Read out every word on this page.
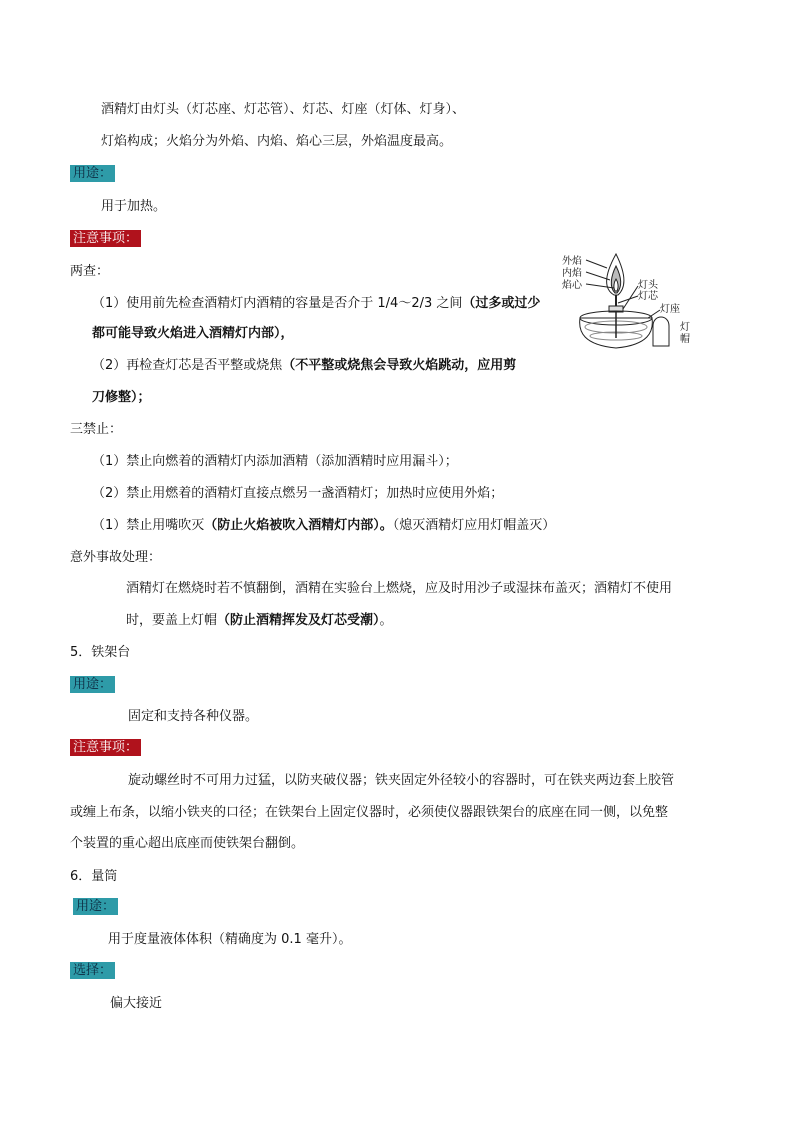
酒精灯由灯头（灯芯座、灯芯管）、灯芯、灯座（灯体、灯身）、
灯焰构成；火焰分为外焰、内焰、焰心三层，外焰温度最高。
用途：
用于加热。
注意事项：
两查：
（1）使用前先检查酒精灯内酒精的容量是否介于 1/4～2/3 之间（过多或过少
都可能导致火焰进入酒精灯内部），
（2）再检查灯芯是否平整或烧焦（不平整或烧焦会导致火焰跳动，应用剪
刀修整）；
三禁止：
（1）禁止向燃着的酒精灯内添加酒精（添加酒精时应用漏斗）；
（2）禁止用燃着的酒精灯直接点燃另一盏酒精灯；加热时应使用外焰；
（1）禁止用嘴吹灭（防止火焰被吹入酒精灯内部）。（熄灭酒精灯应用灯帽盖灭）
意外事故处理：
酒精灯在燃烧时若不慎翻倒，酒精在实验台上燃烧，应及时用沙子或湿抹布盖灭；酒精灯不使用
时，要盖上灯帽（防止酒精挥发及灯芯受潮）。
5．铁架台
用途：
固定和支持各种仪器。
注意事项：
旋动螺丝时不可用力过猛，以防夹破仪器；铁夹固定外径较小的容器时，可在铁夹两边套上胶管
或缠上布条，以缩小铁夹的口径；在铁架台上固定仪器时，必须使仪器跟铁架台的底座在同一侧，以免整
个装置的重心超出底座而使铁架台翻倒。
6．量筒
用途：
用于度量液体体积（精确度为 0.1 毫升）。
选择：
偏大接近
外焰
内焰
焰心	灯头
灯芯
灯座
灯
帽
